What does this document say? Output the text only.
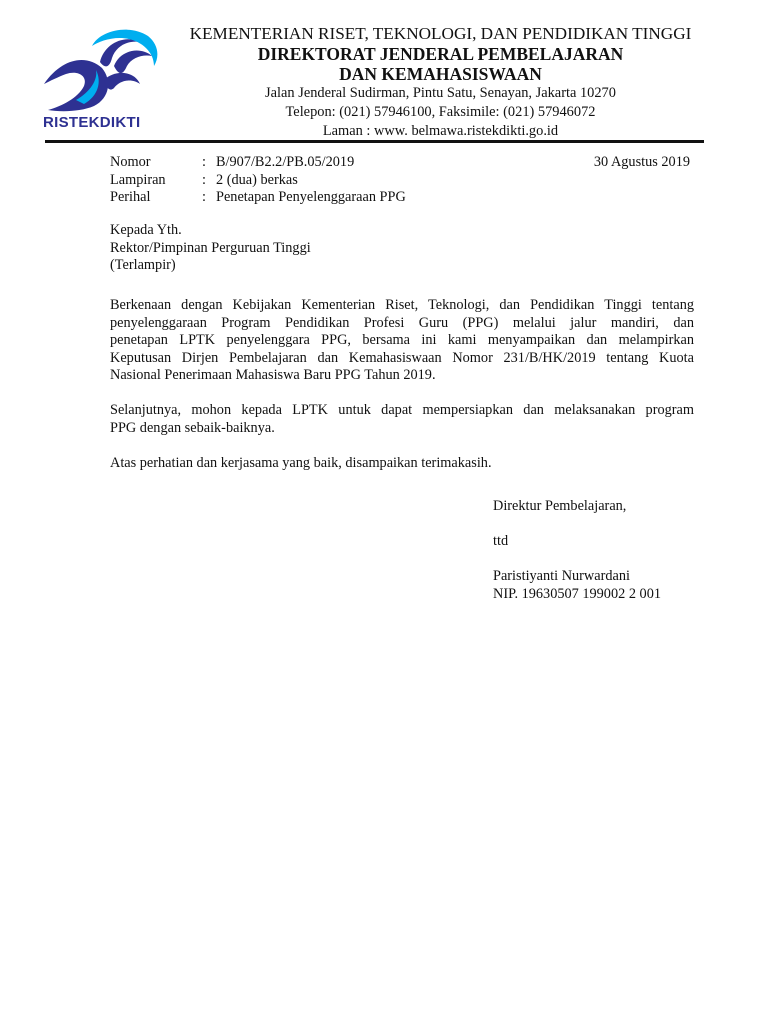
RISTEKDIKTI
KEMENTERIAN RISET, TEKNOLOGI, DAN PENDIDIKAN TINGGI
DIREKTORAT JENDERAL PEMBELAJARAN
DAN KEMAHASISWAAN
Jalan Jenderal Sudirman, Pintu Satu, Senayan, Jakarta 10270
Telepon: (021) 57946100, Faksimile: (021) 57946072
Laman : www. belmawa.ristekdikti.go.id
Nomor	: B/907/B2.2/PB.05/2019
Lampiran	: 2 (dua) berkas
Perihal	: Penetapan Penyelenggaraan PPG
30 Agustus 2019
Kepada Yth.
Rektor/Pimpinan Perguruan Tinggi
(Terlampir)
Berkenaan dengan Kebijakan Kementerian Riset, Teknologi, dan Pendidikan Tinggi tentang
penyelenggaraan Program Pendidikan Profesi Guru (PPG) melalui jalur mandiri, dan
penetapan LPTK penyelenggara PPG, bersama ini kami menyampaikan dan melampirkan
Keputusan Dirjen Pembelajaran dan Kemahasiswaan Nomor 231/B/HK/2019 tentang Kuota
Nasional Penerimaan Mahasiswa Baru PPG Tahun 2019.
Selanjutnya, mohon kepada LPTK untuk dapat mempersiapkan dan melaksanakan program
PPG dengan sebaik-baiknya.
Atas perhatian dan kerjasama yang baik, disampaikan terimakasih.
Direktur Pembelajaran,
ttd
Paristiyanti Nurwardani
NIP. 19630507 199002 2 001
